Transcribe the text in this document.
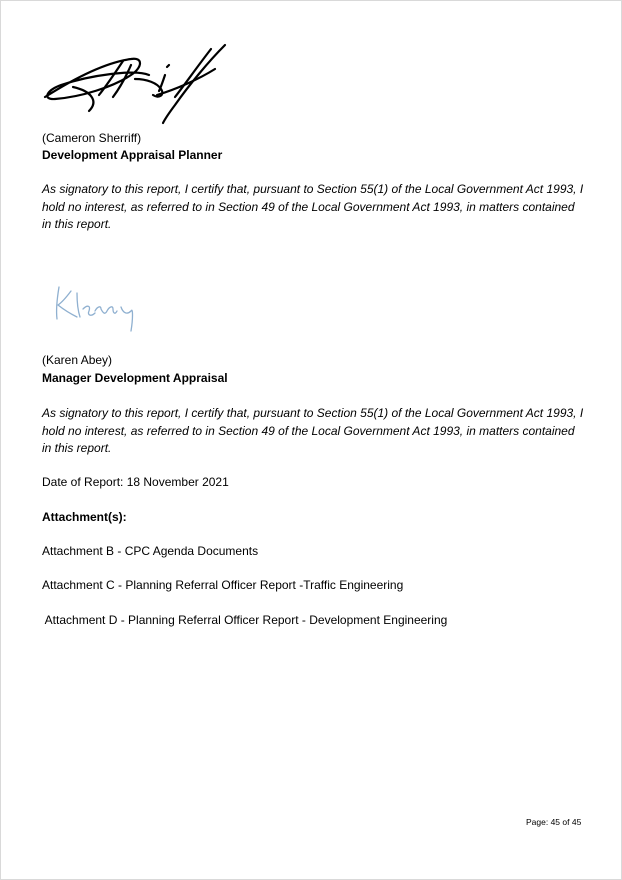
(Cameron Sherriff)
Development Appraisal Planner
As signatory to this report, I certify that, pursuant to Section 55(1) of the Local Government Act 1993, I hold no interest, as referred to in Section 49 of the Local Government Act 1993, in matters contained in this report.
(Karen Abey)
Manager Development Appraisal
As signatory to this report, I certify that, pursuant to Section 55(1) of the Local Government Act 1993, I hold no interest, as referred to in Section 49 of the Local Government Act 1993, in matters contained in this report.
Date of Report: 18 November 2021
Attachment(s):
Attachment B - CPC Agenda Documents
Attachment C - Planning Referral Officer Report -Traffic Engineering
Attachment D - Planning Referral Officer Report - Development Engineering
Page: 45 of 45
